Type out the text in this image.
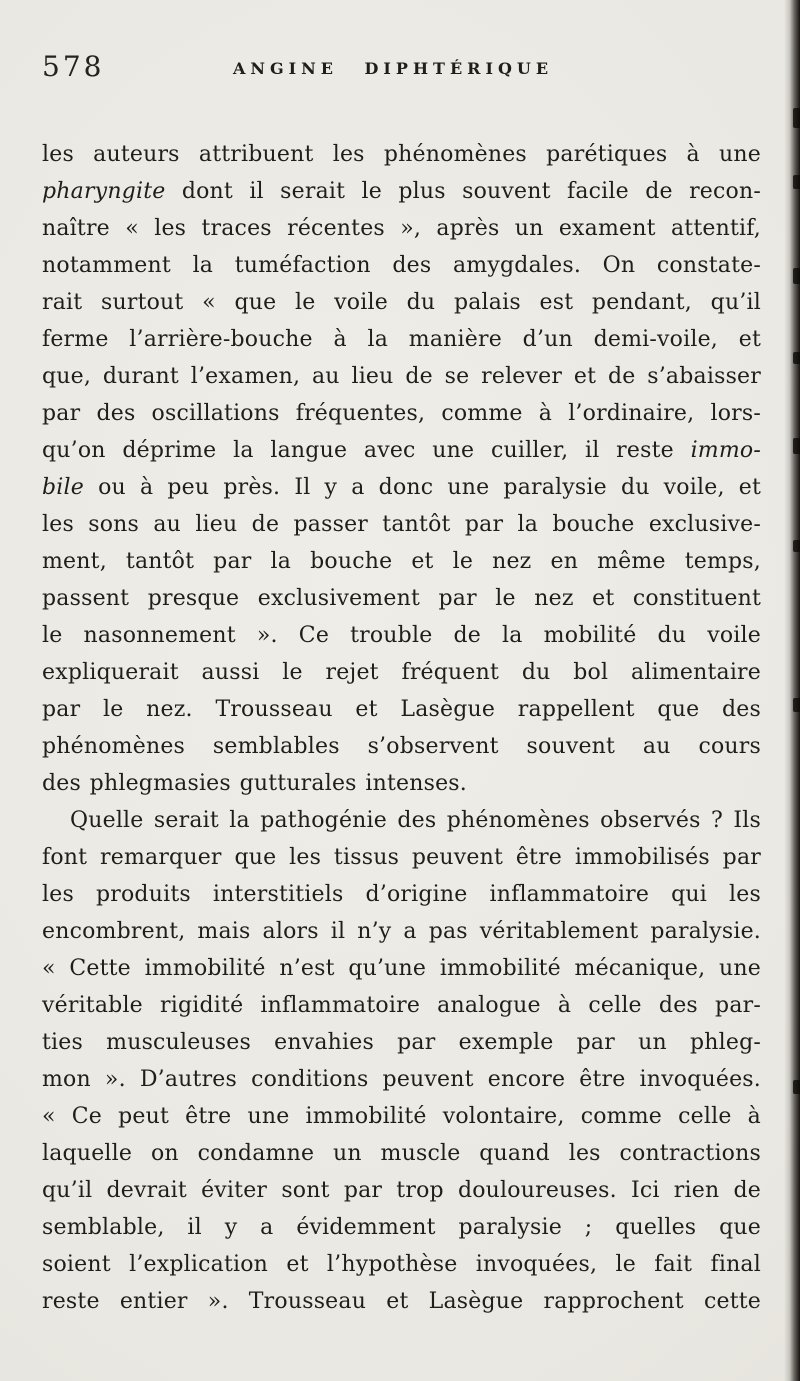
578	ANGINE DIPHTÉRIQUE
les auteurs attribuent les phénomènes parétiques à une
pharyngite dont il serait le plus souvent facile de recon-
naître « les traces récentes », après un exament attentif,
notamment la tuméfaction des amygdales. On constate-
rait surtout « que le voile du palais est pendant, qu’il
ferme l’arrière-bouche à la manière d’un demi-voile, et
que, durant l’examen, au lieu de se relever et de s’abaisser
par des oscillations fréquentes, comme à l’ordinaire, lors-
qu’on déprime la langue avec une cuiller, il reste immo-
bile ou à peu près. Il y a donc une paralysie du voile, et
les sons au lieu de passer tantôt par la bouche exclusive-
ment, tantôt par la bouche et le nez en même temps,
passent presque exclusivement par le nez et constituent
le nasonnement ». Ce trouble de la mobilité du voile
expliquerait aussi le rejet fréquent du bol alimentaire
par le nez. Trousseau et Lasègue rappellent que des
phénomènes semblables s’observent souvent au cours
des phlegmasies gutturales intenses.
Quelle serait la pathogénie des phénomènes observés ? Ils
font remarquer que les tissus peuvent être immobilisés par
les produits interstitiels d’origine inflammatoire qui les
encombrent, mais alors il n’y a pas véritablement paralysie.
« Cette immobilité n’est qu’une immobilité mécanique, une
véritable rigidité inflammatoire analogue à celle des par-
ties musculeuses envahies par exemple par un phleg-
mon ». D’autres conditions peuvent encore être invoquées.
« Ce peut être une immobilité volontaire, comme celle à
laquelle on condamne un muscle quand les contractions
qu’il devrait éviter sont par trop douloureuses. Ici rien de
semblable, il y a évidemment paralysie ; quelles que
soient l’explication et l’hypothèse invoquées, le fait final
reste entier ». Trousseau et Lasègue rapprochent cette
